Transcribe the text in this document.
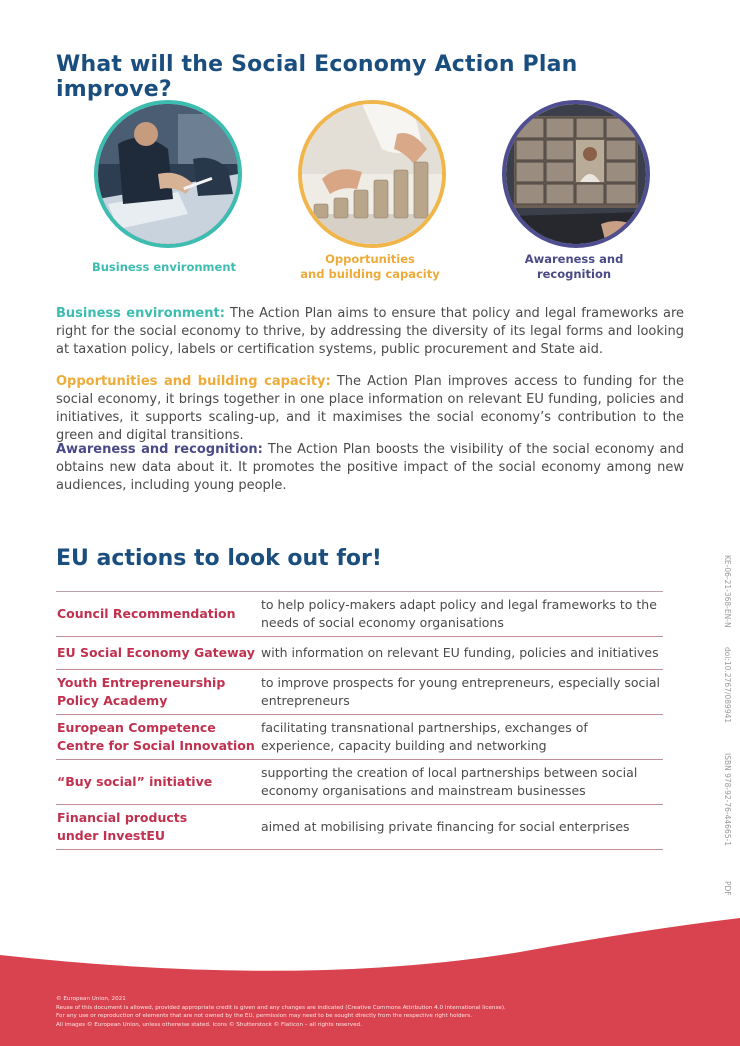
What will the Social Economy Action Plan improve?
Business environment
Opportunities
and building capacity
Awareness and
recognition
Business environment: The Action Plan aims to ensure that policy and legal frameworks are right for the social economy to thrive, by addressing the diversity of its legal forms and looking at taxation policy, labels or certification systems, public procurement and State aid.
Opportunities and building capacity: The Action Plan improves access to funding for the social economy, it brings together in one place information on relevant EU funding, policies and initiatives, it supports scaling-up, and it maximises the social economy’s contribution to the green and digital transitions.
Awareness and recognition: The Action Plan boosts the visibility of the social economy and obtains new data about it. It promotes the positive impact of the social economy among new audiences, including young people.
EU actions to look out for!
Council Recommendation
to help policy-makers adapt policy and legal frameworks to the needs of social economy organisations
EU Social Economy Gateway with information on relevant EU funding, policies and initiatives
Youth Entrepreneurship Policy Academy
to improve prospects for young entrepreneurs, especially social entrepreneurs
European Competence Centre for Social Innovation
facilitating transnational partnerships, exchanges of experience, capacity building and networking
“Buy social” initiative
supporting the creation of local partnerships between social economy organisations and mainstream businesses
Financial products under InvestEU
aimed at mobilising private financing for social enterprises
KE-06-21-368-EN-N
doi:10.2767/089941
ISBN 978-92-76-44665-1
PDF
© European Union, 2021
Reuse of this document is allowed, provided appropriate credit is given and any changes are indicated (Creative Commons Attribution 4.0 International license).
For any use or reproduction of elements that are not owned by the EU, permission may need to be sought directly from the respective right holders.
All images © European Union, unless otherwise stated. Icons © Shutterstock © Flaticon – all rights reserved.
